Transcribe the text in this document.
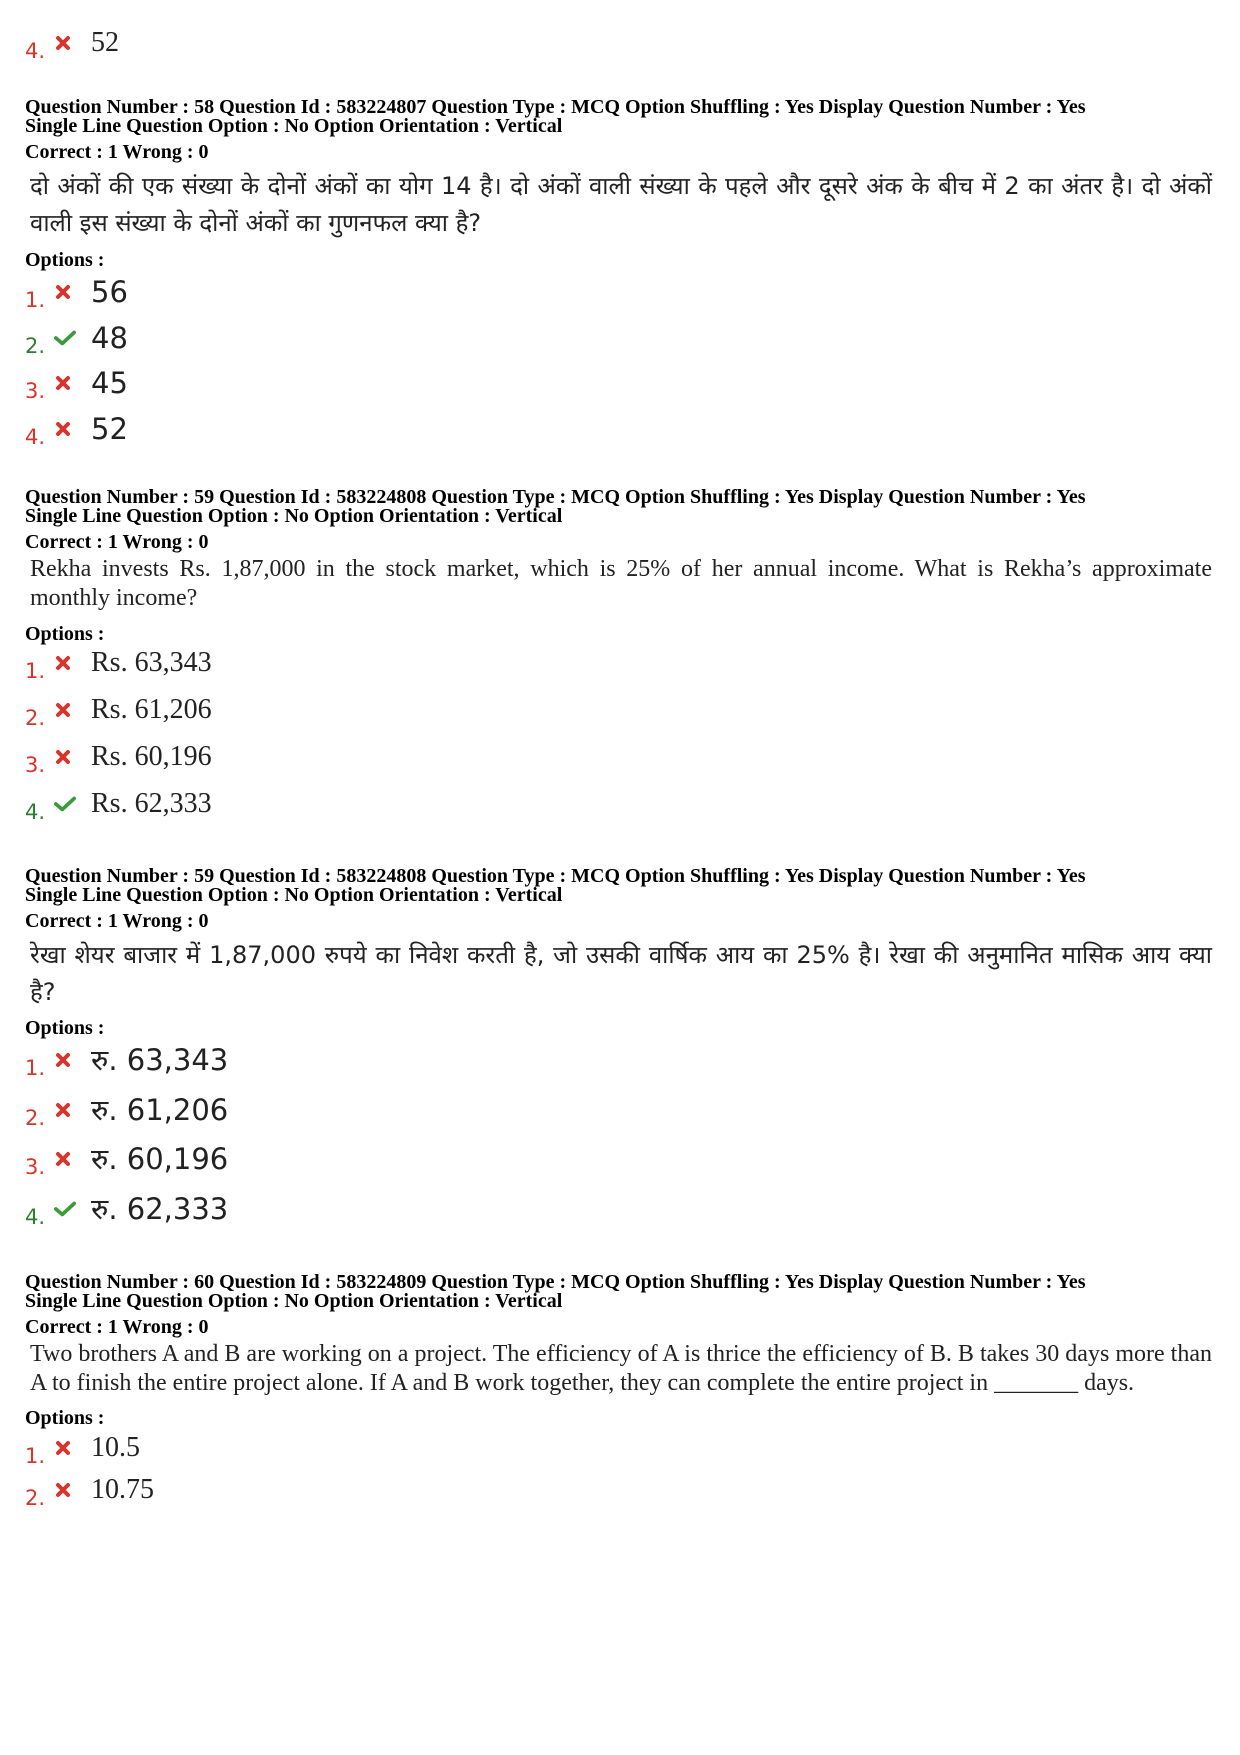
4. 52
Question Number : 58 Question Id : 583224807 Question Type : MCQ Option Shuffling : Yes Display Question Number : Yes
Single Line Question Option : No Option Orientation : Vertical
Correct : 1 Wrong : 0
दो अंकों की एक संख्या के दोनों अंकों का योग 14 है। दो अंकों वाली संख्या के पहले और दूसरे अंक के बीच में 2 का अंतर है। दो अंकों वाली इस संख्या के दोनों अंकों का गुणनफल क्या है?
Options :
1. 56
2. 48
3. 45
4. 52
Question Number : 59 Question Id : 583224808 Question Type : MCQ Option Shuffling : Yes Display Question Number : Yes
Single Line Question Option : No Option Orientation : Vertical
Correct : 1 Wrong : 0
Rekha invests Rs. 1,87,000 in the stock market, which is 25% of her annual income. What is Rekha’s approximate monthly income?
Options :
1. Rs. 63,343
2. Rs. 61,206
3. Rs. 60,196
4. Rs. 62,333
Question Number : 59 Question Id : 583224808 Question Type : MCQ Option Shuffling : Yes Display Question Number : Yes
Single Line Question Option : No Option Orientation : Vertical
Correct : 1 Wrong : 0
रेखा शेयर बाजार में 1,87,000 रुपये का निवेश करती है, जो उसकी वार्षिक आय का 25% है। रेखा की अनुमानित मासिक आय क्या है?
Options :
1. रु. 63,343
2. रु. 61,206
3. रु. 60,196
4. रु. 62,333
Question Number : 60 Question Id : 583224809 Question Type : MCQ Option Shuffling : Yes Display Question Number : Yes
Single Line Question Option : No Option Orientation : Vertical
Correct : 1 Wrong : 0
Two brothers A and B are working on a project. The efficiency of A is thrice the efficiency of B. B takes 30 days more than A to finish the entire project alone. If A and B work together, they can complete the entire project in _______ days.
Options :
1. 10.5
2. 10.75
